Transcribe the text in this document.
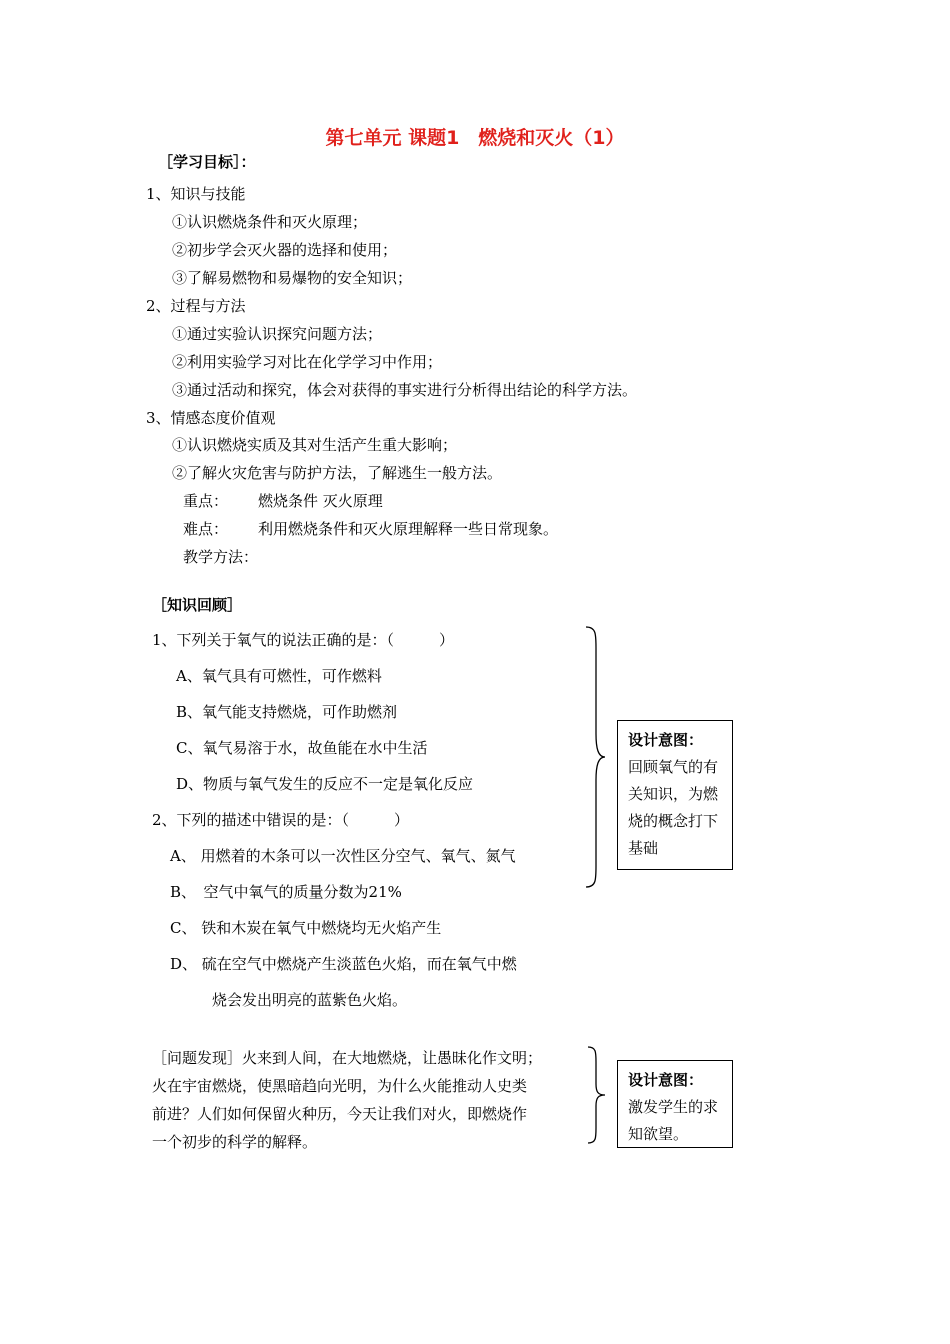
第七单元 课题1　燃烧和灭火（1）
［学习目标］：
1、知识与技能
①认识燃烧条件和灭火原理；
②初步学会灭火器的选择和使用；
③了解易燃物和易爆物的安全知识；
2、过程与方法
①通过实验认识探究问题方法；
②利用实验学习对比在化学学习中作用；
③通过活动和探究，体会对获得的事实进行分析得出结论的科学方法。
3、情感态度价值观
①认识燃烧实质及其对生活产生重大影响；
②了解火灾危害与防护方法，了解逃生一般方法。
重点： 燃烧条件 灭火原理
难点： 利用燃烧条件和灭火原理解释一些日常现象。
教学方法：
［知识回顾］
1、下列关于氧气的说法正确的是：（　　　）
A、氧气具有可燃性，可作燃料
B、氧气能支持燃烧，可作助燃剂
C、氧气易溶于水，故鱼能在水中生活
D、物质与氧气发生的反应不一定是氧化反应
2、下列的描述中错误的是：（　　　）
A、 用燃着的木条可以一次性区分空气、氧气、氮气
B、　空气中氧气的质量分数为21%
C、 铁和木炭在氧气中燃烧均无火焰产生
D、 硫在空气中燃烧产生淡蓝色火焰，而在氧气中燃
烧会发出明亮的蓝紫色火焰。
设计意图：
回顾氧气的有关知识，为燃烧的概念打下基础
［问题发现］火来到人间，在大地燃烧，让愚昧化作文明；
火在宇宙燃烧，使黑暗趋向光明，为什么火能推动人史类
前进？人们如何保留火种历，今天让我们对火，即燃烧作
一个初步的科学的解释。
设计意图：
激发学生的求知欲望。
